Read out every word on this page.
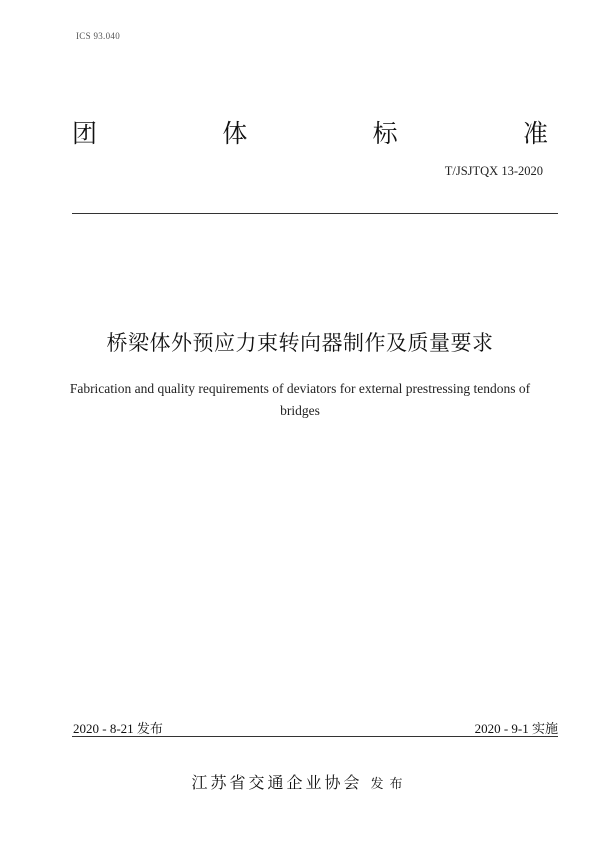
ICS 93.040
团	体	标	准
T/JSJTQX 13-2020
桥梁体外预应力束转向器制作及质量要求
Fabrication and quality requirements of deviators for external prestressing tendons of bridges
2020 - 8-21 发布	2020 - 9-1 实施
江苏省交通企业协会 发布
